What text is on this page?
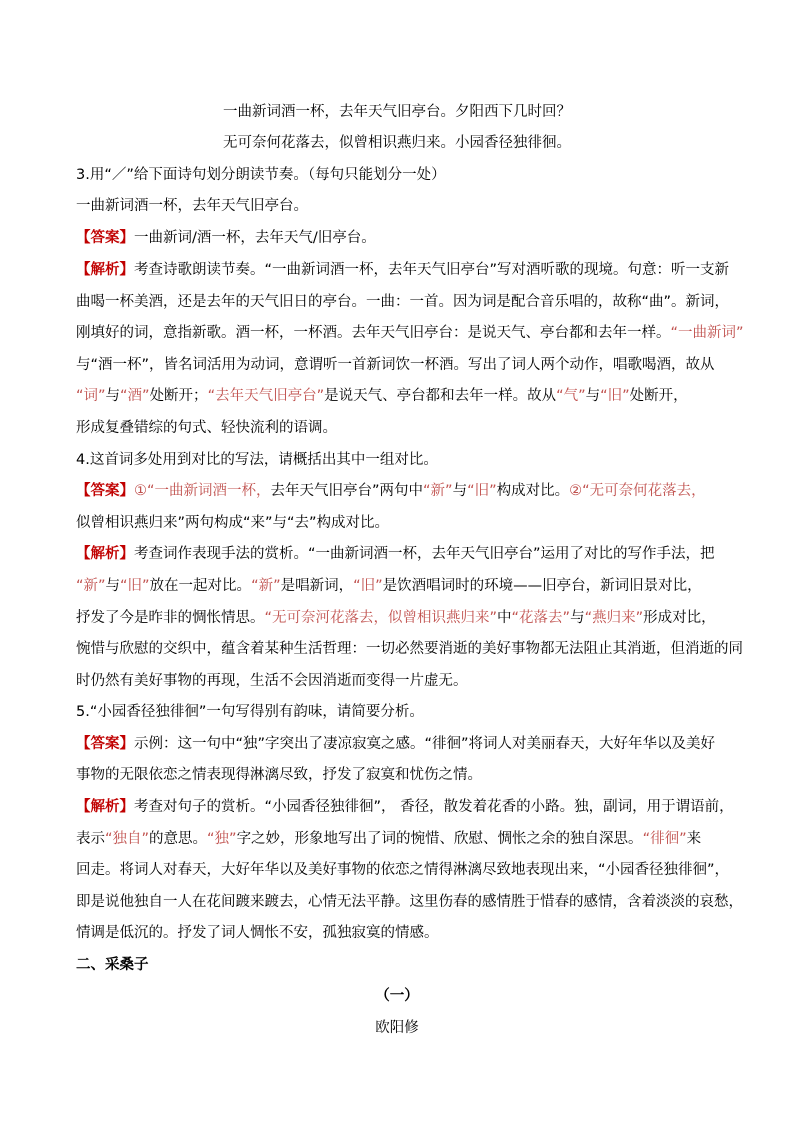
一曲新词酒一杯，去年天气旧亭台。夕阳西下几时回？
无可奈何花落去，似曾相识燕归来。小园香径独徘徊。
3.用“／”给下面诗句划分朗读节奏。（每句只能划分一处）
一曲新词酒一杯，去年天气旧亭台。
【答案】一曲新词/酒一杯，去年天气/旧亭台。
【解析】考查诗歌朗读节奏。“一曲新词酒一杯，去年天气旧亭台”写对酒听歌的现境。句意：听一支新
曲喝一杯美酒，还是去年的天气旧日的亭台。一曲：一首。因为词是配合音乐唱的，故称“曲”。新词，
刚填好的词，意指新歌。酒一杯，一杯酒。去年天气旧亭台：是说天气、亭台都和去年一样。“一曲新词”
与“酒一杯”，皆名词活用为动词，意谓听一首新词饮一杯酒。写出了词人两个动作，唱歌喝酒，故从
“词”与“酒”处断开；“去年天气旧亭台”是说天气、亭台都和去年一样。故从“气”与“旧”处断开，
形成复叠错综的句式、轻快流利的语调。
4.这首词多处用到对比的写法，请概括出其中一组对比。
【答案】①“一曲新词酒一杯，去年天气旧亭台”两句中“新”与“旧”构成对比。②“无可奈何花落去，
似曾相识燕归来”两句构成“来”与“去”构成对比。
【解析】考查词作表现手法的赏析。“一曲新词酒一杯，去年天气旧亭台”运用了对比的写作手法，把
“新”与“旧”放在一起对比。“新”是唱新词，“旧”是饮酒唱词时的环境——旧亭台，新词旧景对比，
抒发了今是昨非的惆怅情思。“无可奈河花落去，似曾相识燕归来”中“花落去”与“燕归来”形成对比，
惋惜与欣慰的交织中，蕴含着某种生活哲理：一切必然要消逝的美好事物都无法阻止其消逝，但消逝的同
时仍然有美好事物的再现，生活不会因消逝而变得一片虚无。
5.“小园香径独徘徊”一句写得别有韵味，请简要分析。
【答案】示例：这一句中“独”字突出了凄凉寂寞之感。“徘徊”将词人对美丽春天，大好年华以及美好
事物的无限依恋之情表现得淋漓尽致，抒发了寂寞和忧伤之情。
【解析】考查对句子的赏析。“小园香径独徘徊”， 香径，散发着花香的小路。独，副词，用于谓语前，
表示“独自”的意思。“独”字之妙，形象地写出了词的惋惜、欣慰、惆怅之余的独自深思。“徘徊”来
回走。将词人对春天，大好年华以及美好事物的依恋之情得淋漓尽致地表现出来，“小园香径独徘徊”，
即是说他独自一人在花间踱来踱去，心情无法平静。这里伤春的感情胜于惜春的感情，含着淡淡的哀愁，
情调是低沉的。抒发了词人惆怅不安，孤独寂寞的情感。
二、采桑子
（一）
欧阳修
